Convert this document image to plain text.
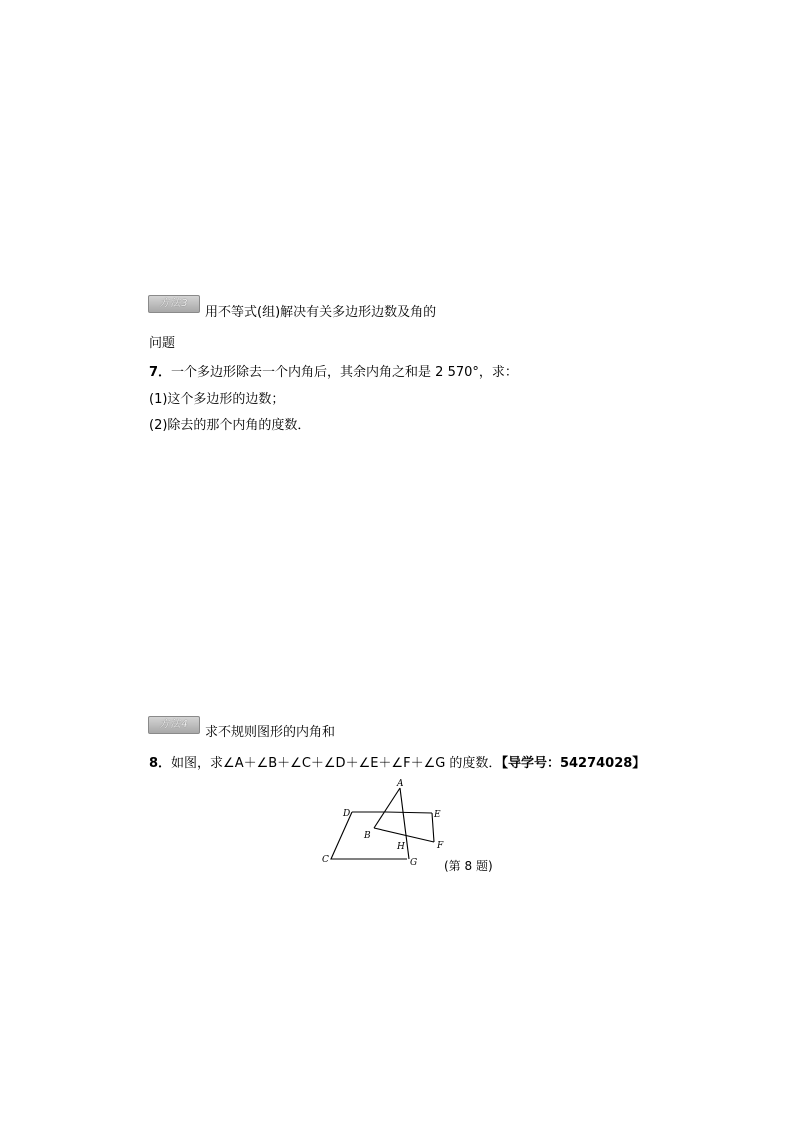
方法3
用不等式(组)解决有关多边形边数及角的
问题
7．一个多边形除去一个内角后，其余内角之和是 2 570°，求：
(1)这个多边形的边数；
(2)除去的那个内角的度数．
方法4
求不规则图形的内角和
8．如图，求∠A＋∠B＋∠C＋∠D＋∠E＋∠F＋∠G 的度数．【导学号：54274028】
A
D	E
B
F
H
C	G (第 8 题)
